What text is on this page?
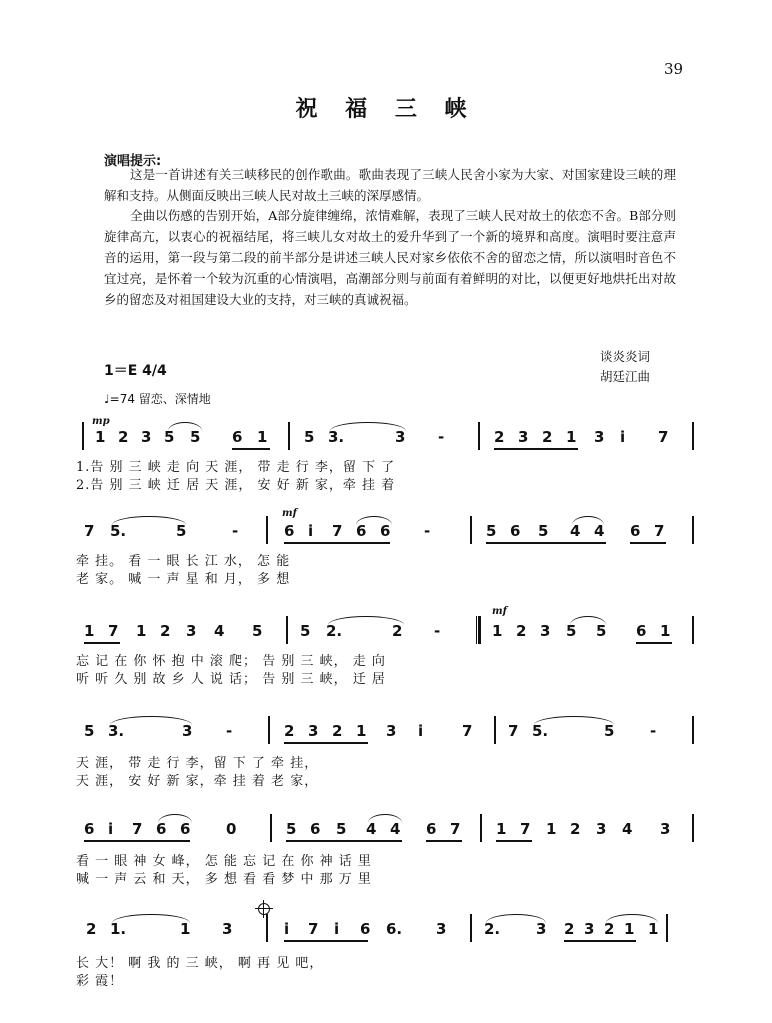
39
祝 福 三 峡
演唱提示:

这是一首讲述有关三峡移民的创作歌曲。歌曲表现了三峡人民舍小家为大家、对国家建设三峡的理解和支持。从侧面反映出三峡人民对故土三峡的深厚感情。

全曲以伤感的告别开始，A部分旋律缠绵，浓情难解，表现了三峡人民对故土的依恋不舍。B部分则旋律高亢，以衷心的祝福结尾，将三峡儿女对故土的爱升华到了一个新的境界和高度。演唱时要注意声音的运用，第一段与第二段的前半部分是讲述三峡人民对家乡依依不舍的留恋之情，所以演唱时音色不宜过亮，是怀着一个较为沉重的心情演唱，高潮部分则与前面有着鲜明的对比，以便更好地烘托出对故乡的留恋及对祖国建设大业的支持，对三峡的真诚祝福。

谈炎炎词
胡廷江曲
1＝E 4/4
♩=74 留恋、深情地
mp
1 2 3 5 5 6 1 5 3.	3 -	2 3 2 1 3 i 7
1.告 别 三 峡 走 向 天 涯， 带 走 行 李，留 下 了
2.告 别 三 峡 迁 居 天 涯， 安 好 新 家，牵 挂 着
mf
7 5.	5	-	6 i 7 6 6 -	5 6 5 4 4 6 7
牵 挂。 看 一 眼 长 江 水， 怎 能
老 家。 喊 一 声 星 和 月， 多 想
mf
1 7 1 2 3 4 5	5 2.	2 -	1 2 3 5 5 6 1
忘 记 在 你 怀 抱 中 滚 爬； 告 别 三 峡， 走 向
听 听 久 别 故 乡 人 说 话； 告 别 三 峡， 迁 居
5 3.	3 -	2 3 2 1 3 i	7 7 5.	5 -
天 涯， 带 走 行 李，留 下 了 牵 挂，
天 涯， 安 好 新 家，牵 挂 着 老 家，
6 i 7 6 6 0	5 6 5 4 4 6 7 1 7 1 2 3 4 3
看 一 眼 神 女 峰， 怎 能 忘 记 在 你 神 话 里
喊 一 声 云 和 天， 多 想 看 看 梦 中 那 万 里
2 1.	1 3	i 7 i 6 6. 3	2. 3 2 3 2 1 1
长 大！ 啊 我 的 三 峡， 啊 再 见 吧，
彩 霞！
